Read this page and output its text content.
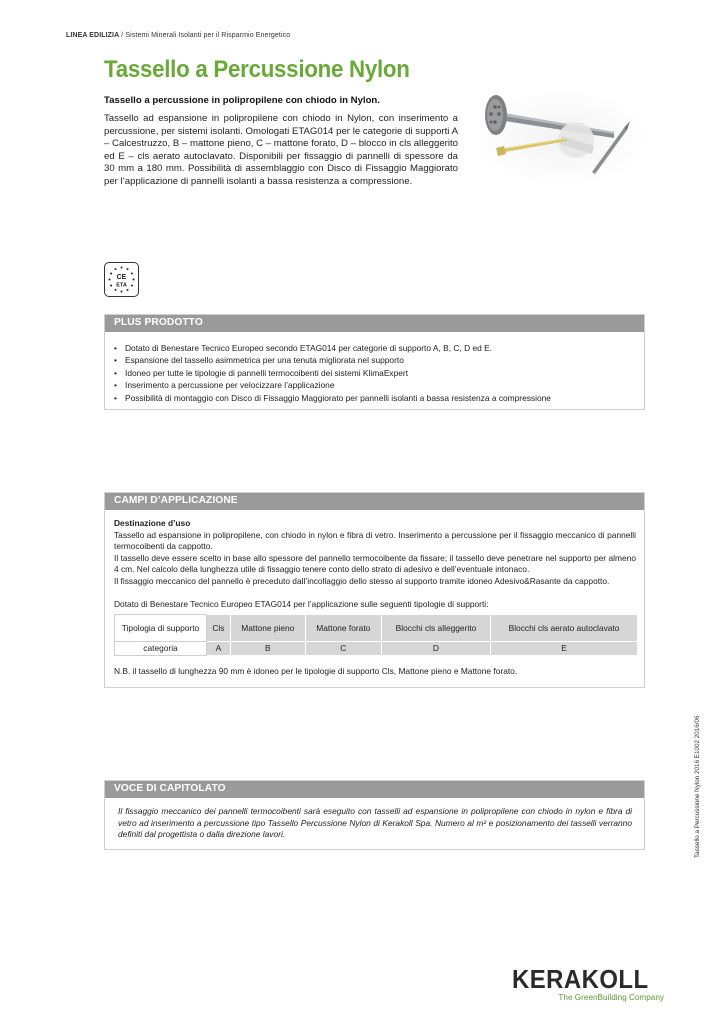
LINEA EDILIZIA / Sistemi Minerali Isolanti per il Risparmio Energetico
Tassello a Percussione Nylon
Tassello a percussione in polipropilene con chiodo in Nylon.
Tassello ad espansione in polipropilene con chiodo in Nylon, con inserimento a percussione, per sistemi isolanti. Omologati ETAG014 per le categorie di supporti A – Calcestruzzo, B – mattone pieno, C – mattone forato, D – blocco in cls alleggerito ed E – cls aerato autoclavato. Disponibili per fissaggio di pannelli di spessore da 30 mm a 180 mm. Possibilità di assemblaggio con Disco di Fissaggio Maggiorato per l’applicazione di pannelli isolanti a bassa resistenza a compressione.
CE
ETA
PLUS PRODOTTO
• Dotato di Benestare Tecnico Europeo secondo ETAG014 per categorie di supporto A, B, C, D ed E.
• Espansione del tassello asimmetrica per una tenuta migliorata nel supporto
• Idoneo per tutte le tipologie di pannelli termocoibenti dei sistemi KlimaExpert
• Inserimento a percussione per velocizzare l’applicazione
• Possibilità di montaggio con Disco di Fissaggio Maggiorato per pannelli isolanti a bassa resistenza a compressione
CAMPI D’APPLICAZIONE
Destinazione d’uso
Tassello ad espansione in polipropilene, con chiodo in nylon e fibra di vetro. Inserimento a percussione per il fissaggio meccanico di pannelli termocoibenti da cappotto.
Il tassello deve essere scelto in base allo spessore del pannello termocoibente da fissare; il tassello deve penetrare nel supporto per almeno 4 cm. Nel calcolo della lunghezza utile di fissaggio tenere conto dello strato di adesivo e dell’eventuale intonaco.
Il fissaggio meccanico del pannello è preceduto dall’incollaggio dello stesso al supporto tramite idoneo Adesivo&Rasante da cappotto.
Dotato di Benestare Tecnico Europeo ETAG014 per l’applicazione sulle seguenti tipologie di supporti:
Tipologia di supporto	Cls	Mattone pieno	Mattone forato	Blocchi cls alleggerito	Blocchi cls aerato autoclavato
categoria	A	B	C	D	E
N.B. il tassello di lunghezza 90 mm è idoneo per le tipologie di supporto Cls, Mattone pieno e Mattone forato.
VOCE DI CAPITOLATO
Il fissaggio meccanico dei pannelli termocoibenti sarà eseguito con tasselli ad espansione in polipropilene con chiodo in nylon e fibra di vetro ad inserimento a percussione tipo Tassello Percussione Nylon di Kerakoll Spa. Numero al m² e posizionamento dei tasselli verranno definiti dal progettista o dalla direzione lavori.	Tassello a Percussione Nylon 2016 E1002 2016/06
KERAKOLL
The GreenBuilding Company
